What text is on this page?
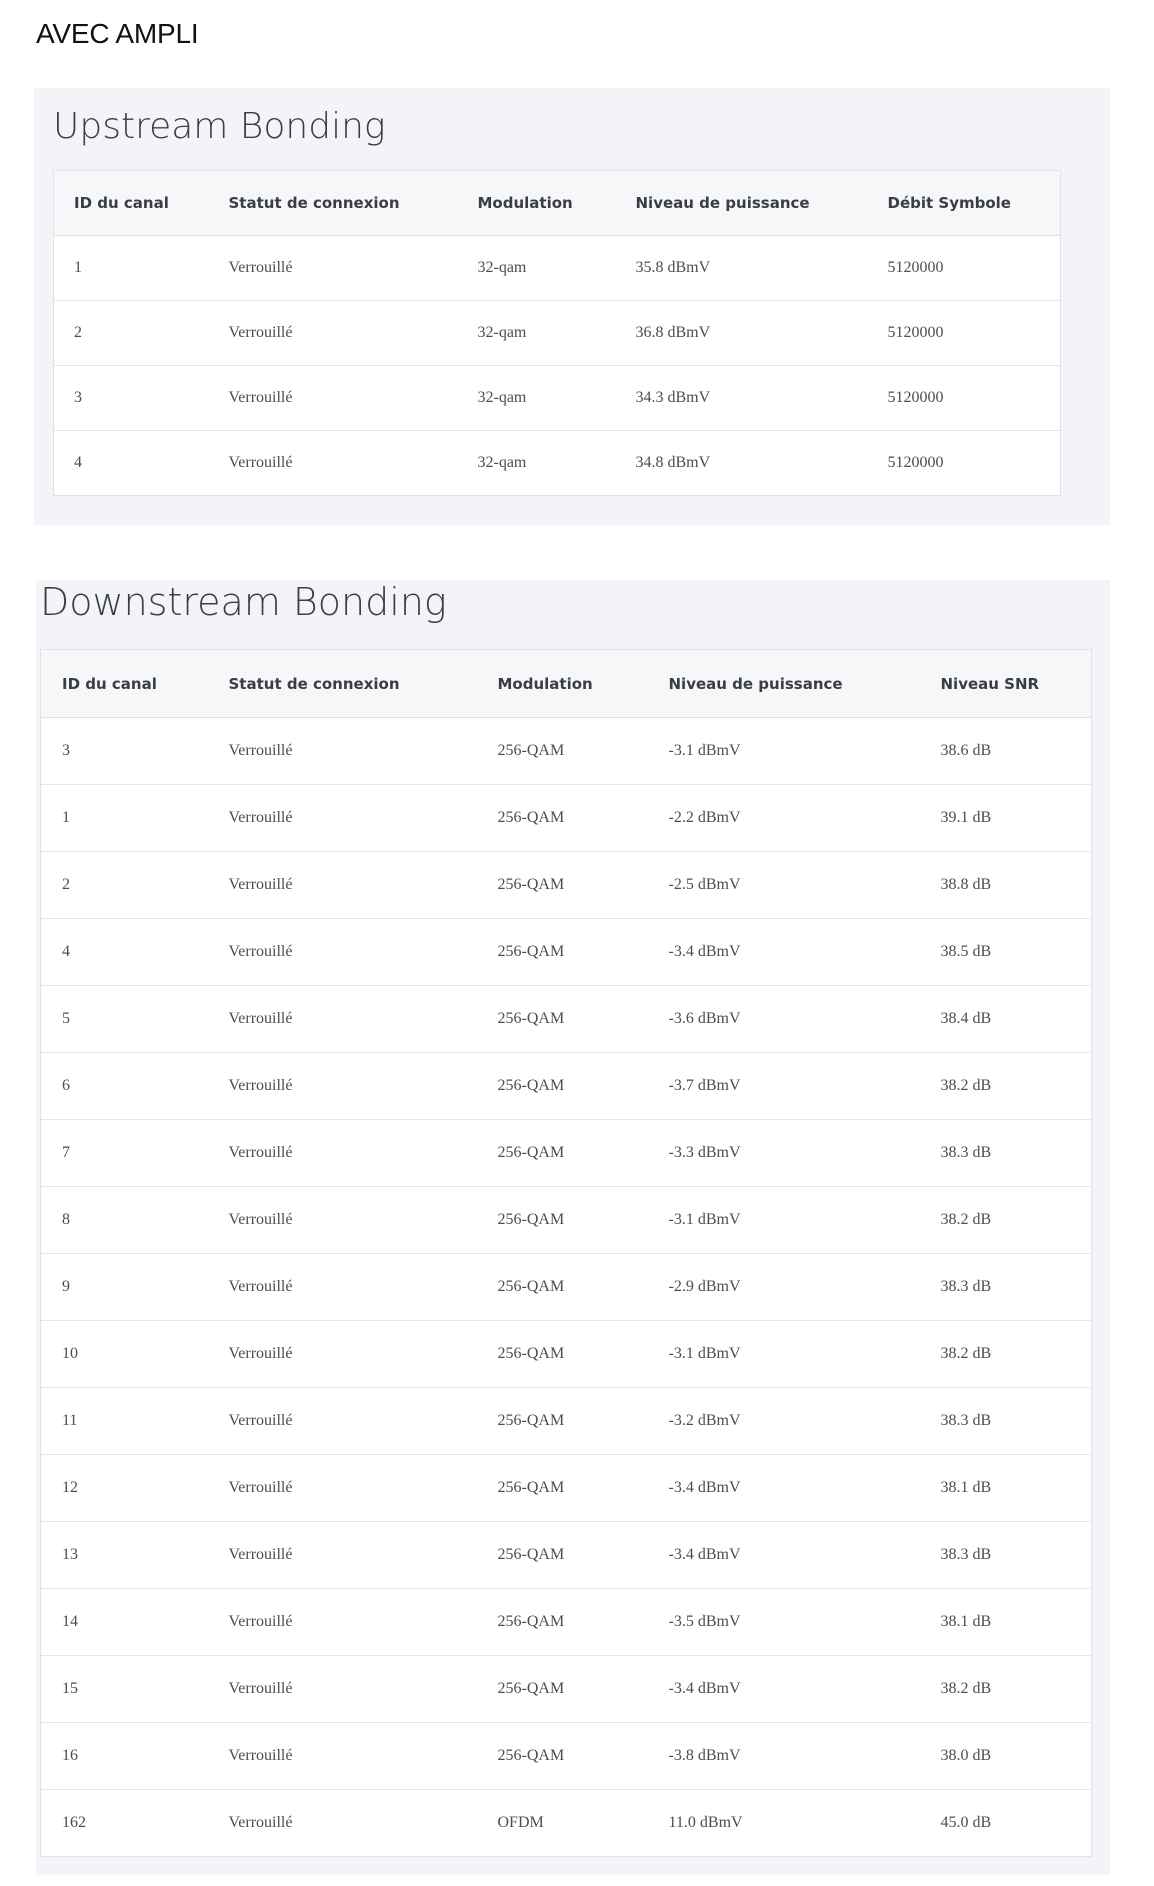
AVEC AMPLI
Upstream Bonding
ID du canal	Statut de connexion	Modulation	Niveau de puissance	Débit Symbole
1	Verrouillé	32-qam	35.8 dBmV	5120000
2	Verrouillé	32-qam	36.8 dBmV	5120000
3	Verrouillé	32-qam	34.3 dBmV	5120000
4	Verrouillé	32-qam	34.8 dBmV	5120000
Downstream Bonding
ID du canal	Statut de connexion	Modulation	Niveau de puissance	Niveau SNR
3	Verrouillé	256-QAM	-3.1 dBmV	38.6 dB
1	Verrouillé	256-QAM	-2.2 dBmV	39.1 dB
2	Verrouillé	256-QAM	-2.5 dBmV	38.8 dB
4	Verrouillé	256-QAM	-3.4 dBmV	38.5 dB
5	Verrouillé	256-QAM	-3.6 dBmV	38.4 dB
6	Verrouillé	256-QAM	-3.7 dBmV	38.2 dB
7	Verrouillé	256-QAM	-3.3 dBmV	38.3 dB
8	Verrouillé	256-QAM	-3.1 dBmV	38.2 dB
9	Verrouillé	256-QAM	-2.9 dBmV	38.3 dB
10	Verrouillé	256-QAM	-3.1 dBmV	38.2 dB
11	Verrouillé	256-QAM	-3.2 dBmV	38.3 dB
12	Verrouillé	256-QAM	-3.4 dBmV	38.1 dB
13	Verrouillé	256-QAM	-3.4 dBmV	38.3 dB
14	Verrouillé	256-QAM	-3.5 dBmV	38.1 dB
15	Verrouillé	256-QAM	-3.4 dBmV	38.2 dB
16	Verrouillé	256-QAM	-3.8 dBmV	38.0 dB
162	Verrouillé	OFDM	11.0 dBmV	45.0 dB
